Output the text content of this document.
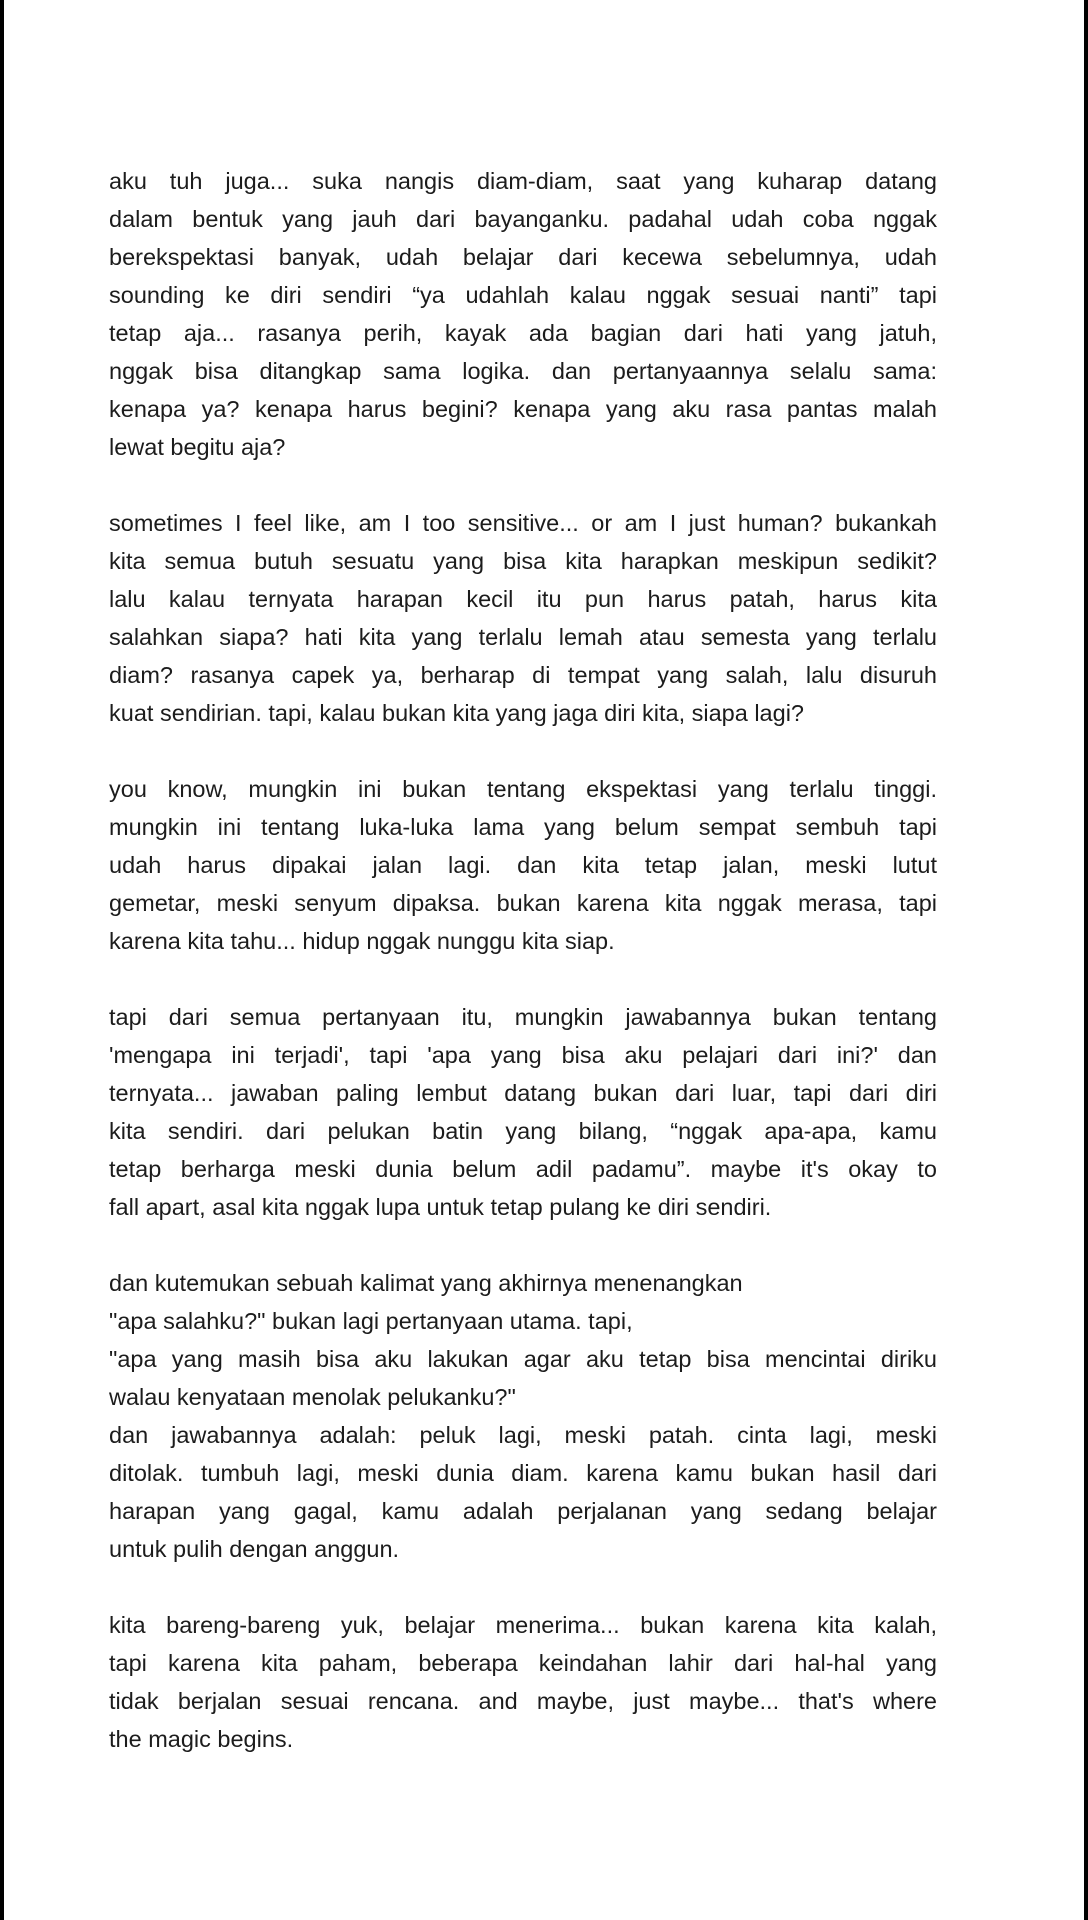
aku tuh juga... suka nangis diam-diam, saat yang kuharap datang
dalam bentuk yang jauh dari bayanganku. padahal udah coba nggak
berekspektasi banyak, udah belajar dari kecewa sebelumnya, udah
sounding ke diri sendiri “ya udahlah kalau nggak sesuai nanti” tapi
tetap aja... rasanya perih, kayak ada bagian dari hati yang jatuh,
nggak bisa ditangkap sama logika. dan pertanyaannya selalu sama:
kenapa ya? kenapa harus begini? kenapa yang aku rasa pantas malah
lewat begitu aja?
sometimes I feel like, am I too sensitive... or am I just human? bukankah
kita semua butuh sesuatu yang bisa kita harapkan meskipun sedikit?
lalu kalau ternyata harapan kecil itu pun harus patah, harus kita
salahkan siapa? hati kita yang terlalu lemah atau semesta yang terlalu
diam? rasanya capek ya, berharap di tempat yang salah, lalu disuruh
kuat sendirian. tapi, kalau bukan kita yang jaga diri kita, siapa lagi?
you know, mungkin ini bukan tentang ekspektasi yang terlalu tinggi.
mungkin ini tentang luka-luka lama yang belum sempat sembuh tapi
udah harus dipakai jalan lagi. dan kita tetap jalan, meski lutut
gemetar, meski senyum dipaksa. bukan karena kita nggak merasa, tapi
karena kita tahu... hidup nggak nunggu kita siap.
tapi dari semua pertanyaan itu, mungkin jawabannya bukan tentang
'mengapa ini terjadi', tapi 'apa yang bisa aku pelajari dari ini?' dan
ternyata... jawaban paling lembut datang bukan dari luar, tapi dari diri
kita sendiri. dari pelukan batin yang bilang, “nggak apa-apa, kamu
tetap berharga meski dunia belum adil padamu”. maybe it's okay to
fall apart, asal kita nggak lupa untuk tetap pulang ke diri sendiri.
dan kutemukan sebuah kalimat yang akhirnya menenangkan
"apa salahku?" bukan lagi pertanyaan utama. tapi,
"apa yang masih bisa aku lakukan agar aku tetap bisa mencintai diriku
walau kenyataan menolak pelukanku?"
dan jawabannya adalah: peluk lagi, meski patah. cinta lagi, meski
ditolak. tumbuh lagi, meski dunia diam. karena kamu bukan hasil dari
harapan yang gagal, kamu adalah perjalanan yang sedang belajar
untuk pulih dengan anggun.
kita bareng-bareng yuk, belajar menerima... bukan karena kita kalah,
tapi karena kita paham, beberapa keindahan lahir dari hal-hal yang
tidak berjalan sesuai rencana. and maybe, just maybe... that's where
the magic begins.
